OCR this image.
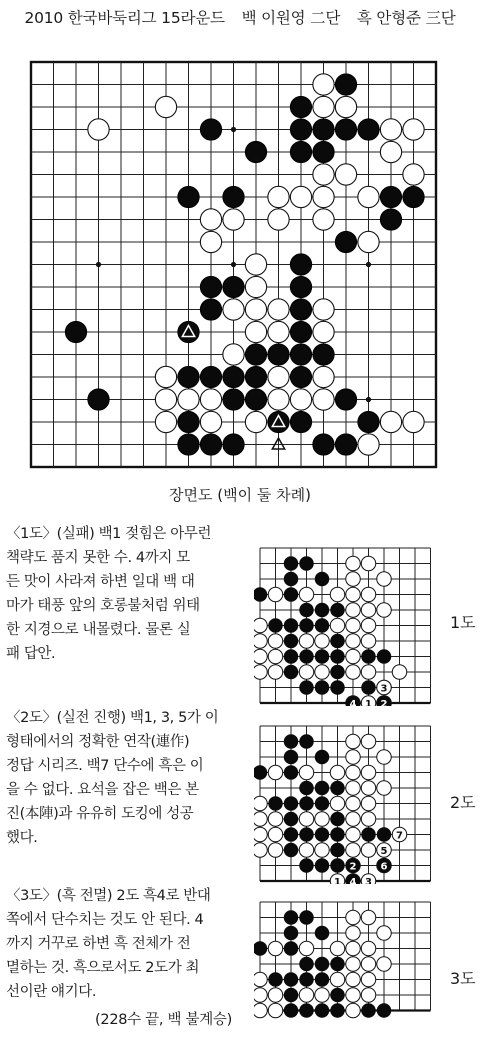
2010 한국바둑리그 15라운드 백 이원영 二단 흑 안형준 三단
장면도 (백이 둘 차례)
〈1도〉(실패) 백1 젖힘은 아무런
책략도 품지 못한 수. 4까지 모
든 맛이 사라져 하변 일대 백 대
마가 태풍 앞의 호롱불처럼 위태
한 지경으로 내몰렸다. 물론 실
패 답안.
〈2도〉(실전 진행) 백1, 3, 5가 이
형태에서의 정확한 연작(連作)
정답 시리즈. 백7 단수에 흑은 이
을 수 없다. 요석을 잡은 백은 본
진(本陣)과 유유히 도킹에 성공
했다.
〈3도〉(흑 전멸) 2도 흑4로 반대
쪽에서 단수치는 것도 안 된다. 4
까지 거꾸로 하변 흑 전체가 전
멸하는 것. 흑으로서도 2도가 최
선이란 얘기다.
(228수 끝, 백 불계승)
4 1 2
3
1 3
4
2
5
6
7
1도
2도
3도
